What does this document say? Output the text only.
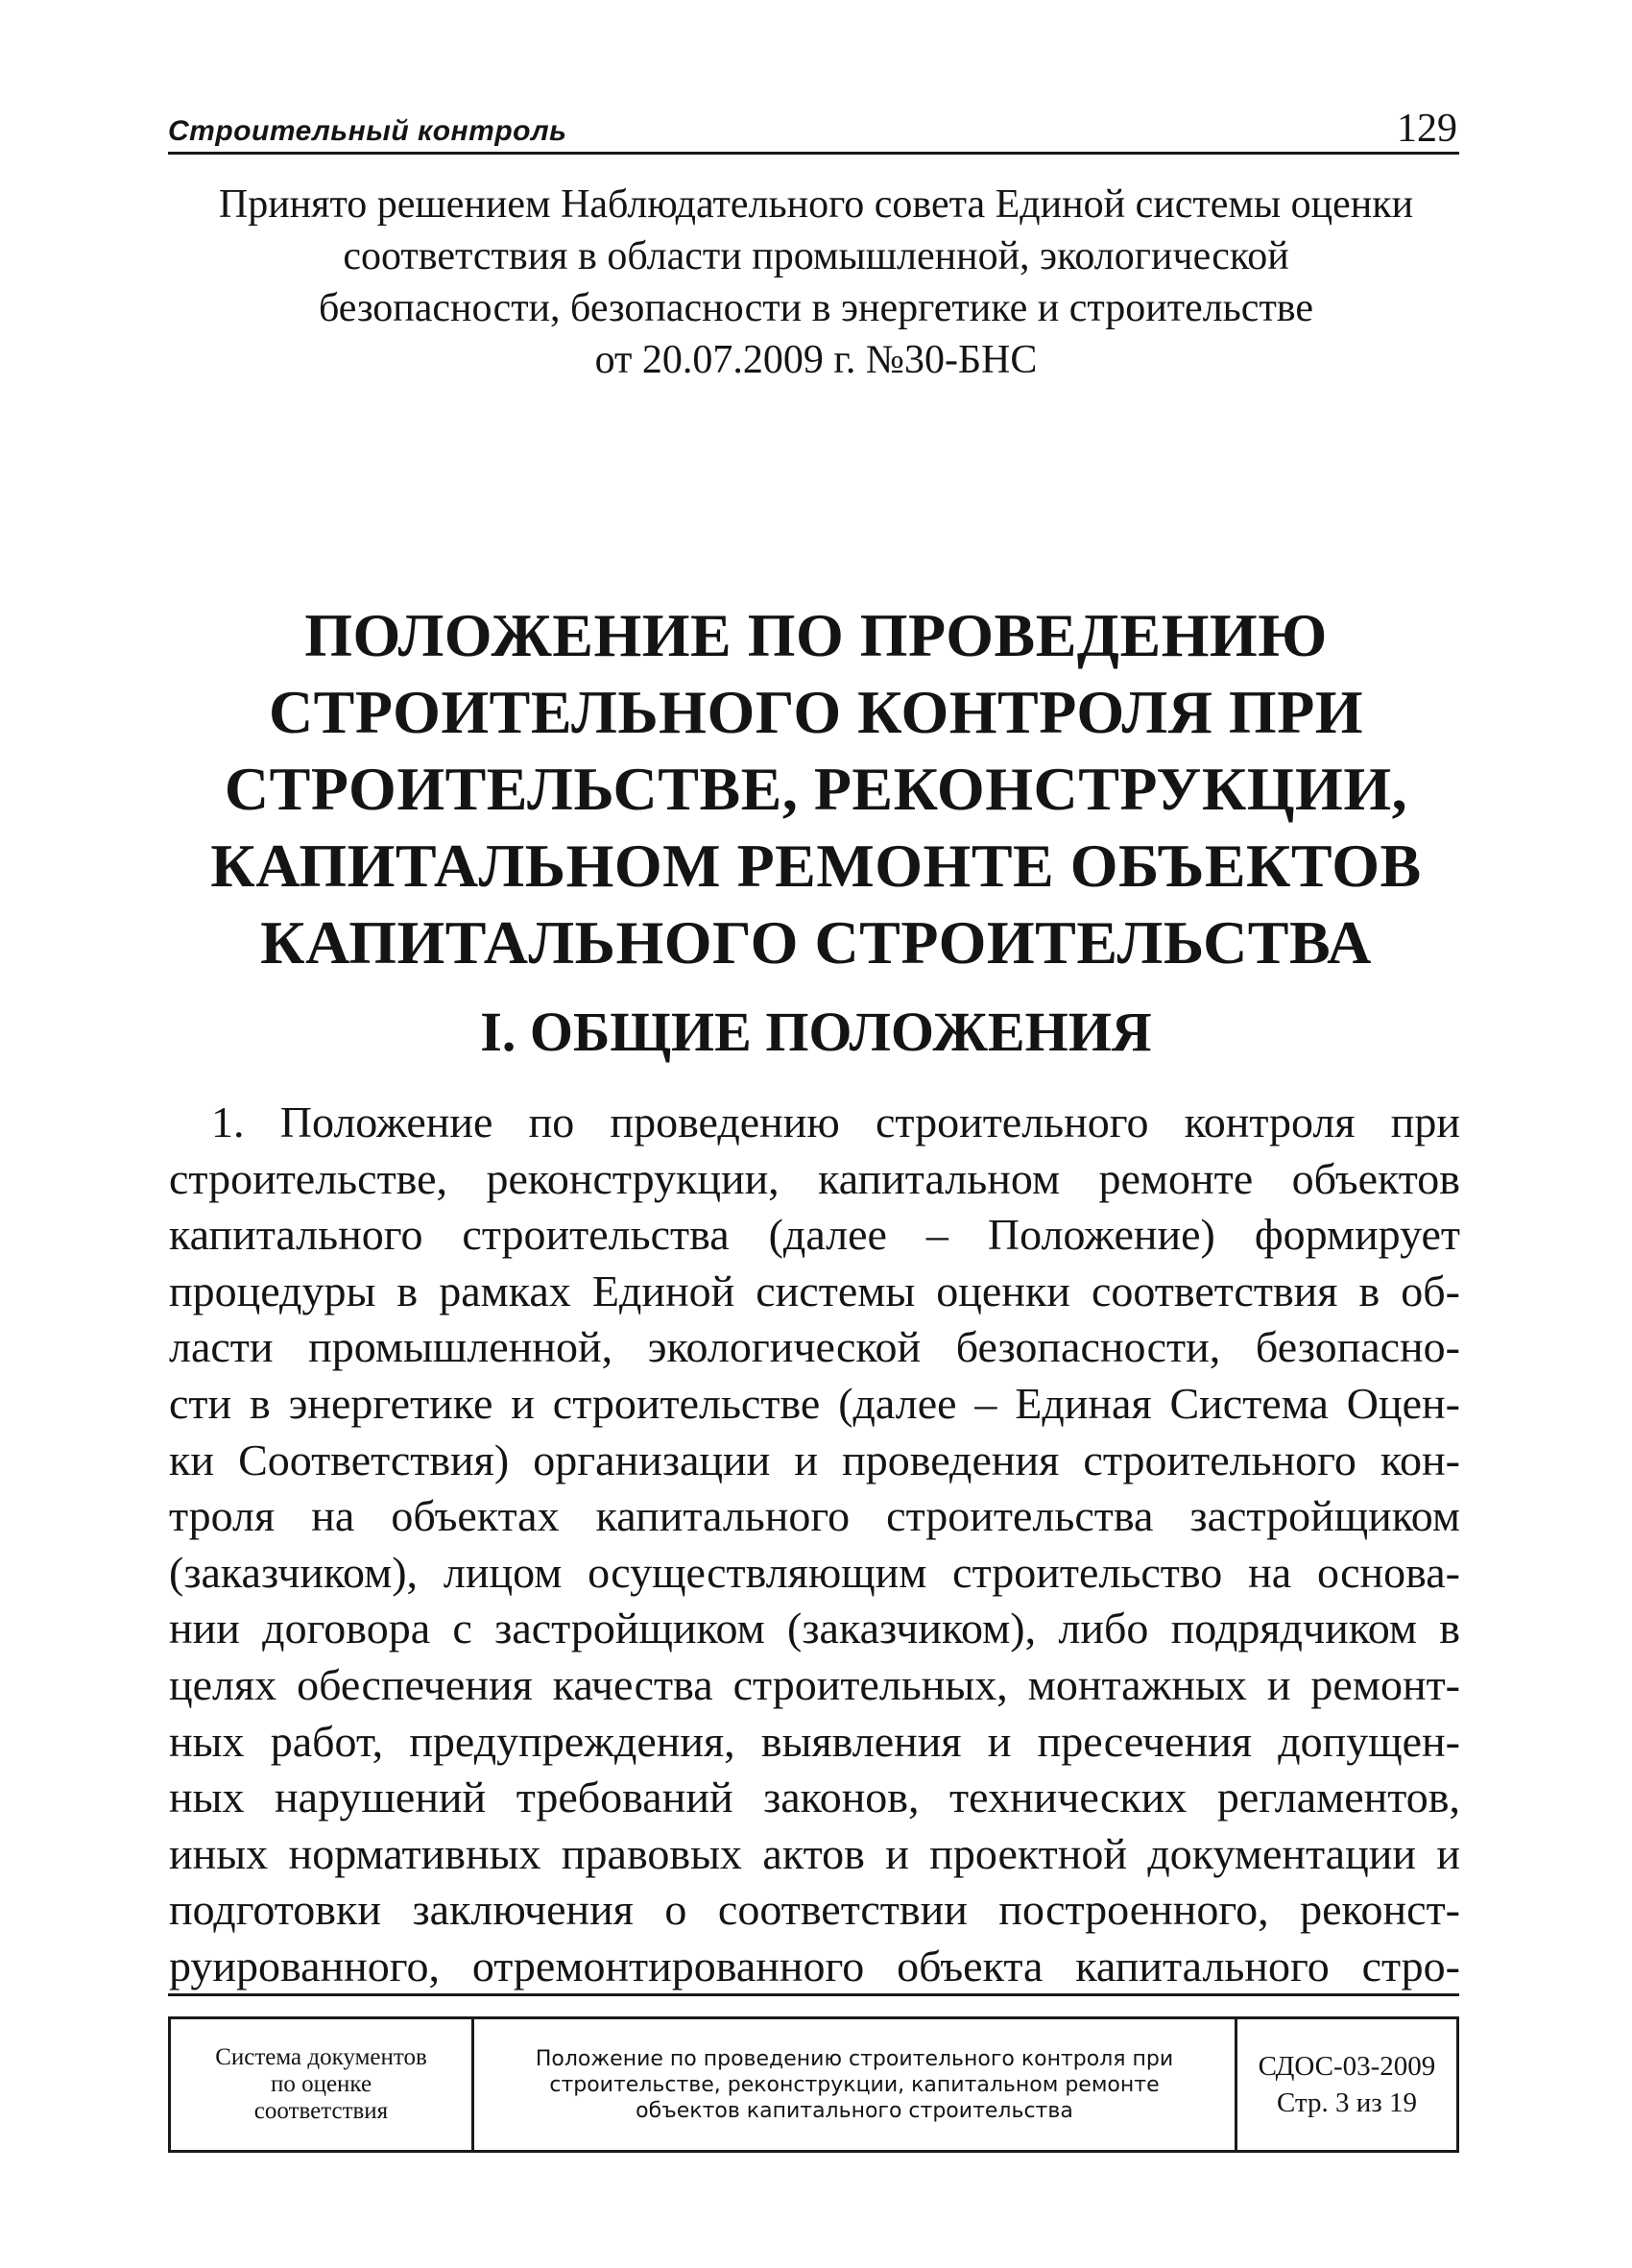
Строительный контроль	129
Принято решением Наблюдательного совета Единой системы оценки
соответствия в области промышленной, экологической
безопасности, безопасности в энергетике и строительстве
от 20.07.2009 г. №30-БНС
ПОЛОЖЕНИЕ ПО ПРОВЕДЕНИЮ
СТРОИТЕЛЬНОГО КОНТРОЛЯ ПРИ
СТРОИТЕЛЬСТВЕ, РЕКОНСТРУКЦИИ,
КАПИТАЛЬНОМ РЕМОНТЕ ОБЪЕКТОВ
КАПИТАЛЬНОГО СТРОИТЕЛЬСТВА
I. ОБЩИЕ ПОЛОЖЕНИЯ
1. Положение по проведению строительного контроля при
строительстве, реконструкции, капитальном ремонте объектов
капитального строительства (далее – Положение) формирует
процедуры в рамках Единой системы оценки соответствия в об-
ласти промышленной, экологической безопасности, безопасно-
сти в энергетике и строительстве (далее – Единая Система Оцен-
ки Соответствия) организации и проведения строительного кон-
троля на объектах капитального строительства застройщиком
(заказчиком), лицом осуществляющим строительство на основа-
нии договора с застройщиком (заказчиком), либо подрядчиком в
целях обеспечения качества строительных, монтажных и ремонт-
ных работ, предупреждения, выявления и пресечения допущен-
ных нарушений требований законов, технических регламентов,
иных нормативных правовых актов и проектной документации и
подготовки заключения о соответствии построенного, реконст-
руированного, отремонтированного объекта капитального стро-
Система документов
по оценке
соответствия
Положение по проведению строительного контроля при
строительстве, реконструкции, капитальном ремонте
объектов капитального строительства
СДОС-03-2009
Стр. 3 из 19
